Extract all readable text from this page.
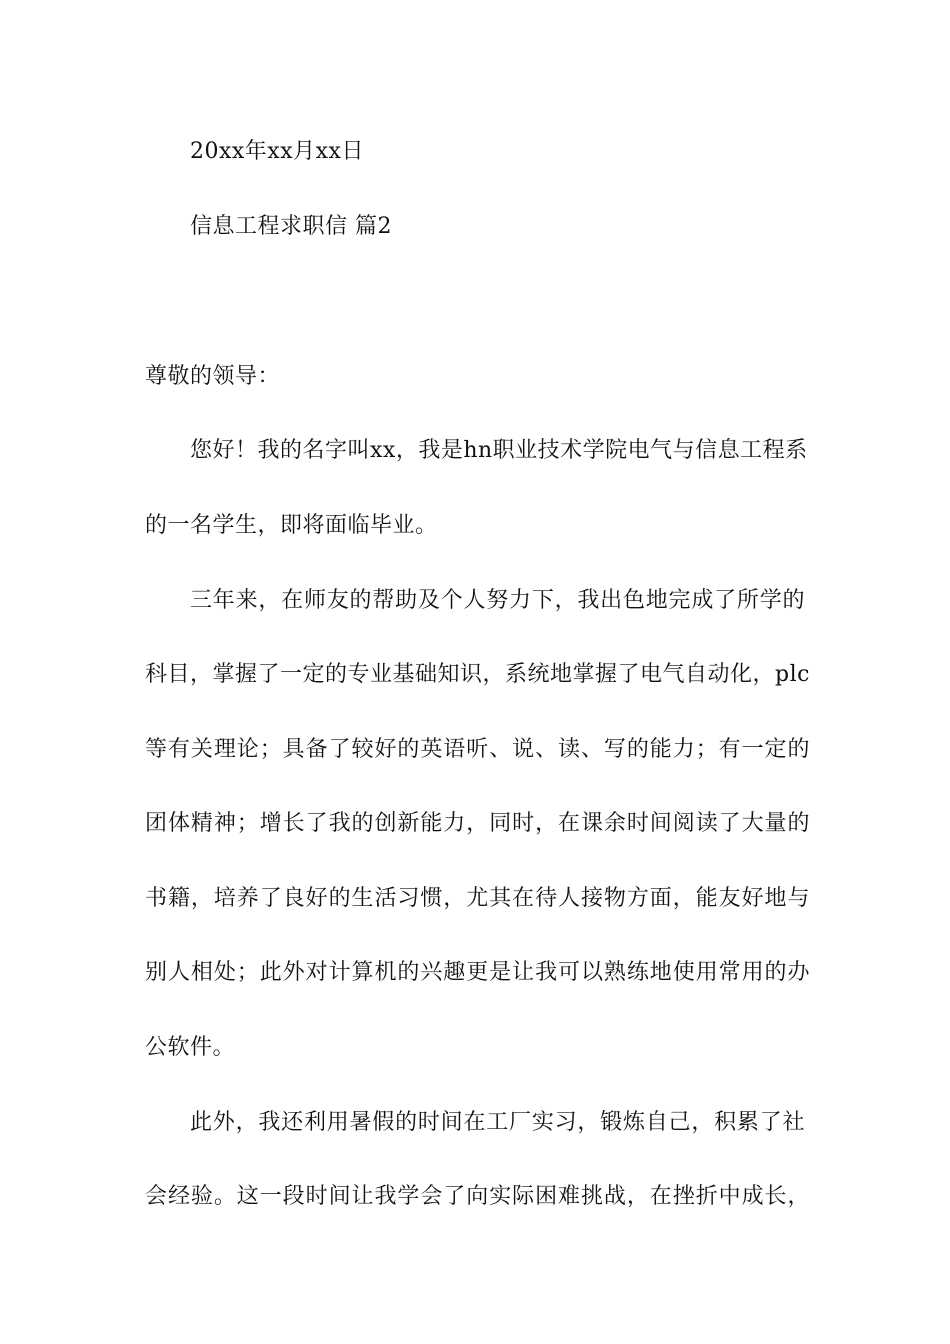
20xx年xx月xx日
信息工程求职信 篇2
尊敬的领导：
您好！我的名字叫xx，我是hn职业技术学院电气与信息工程系
的一名学生，即将面临毕业。
三年来，在师友的帮助及个人努力下，我出色地完成了所学的
科目，掌握了一定的专业基础知识，系统地掌握了电气自动化，plc
等有关理论；具备了较好的英语听、说、读、写的能力；有一定的
团体精神；增长了我的创新能力，同时，在课余时间阅读了大量的
书籍，培养了良好的生活习惯，尤其在待人接物方面，能友好地与
别人相处；此外对计算机的兴趣更是让我可以熟练地使用常用的办
公软件。
此外，我还利用暑假的时间在工厂实习，锻炼自己，积累了社
会经验。这一段时间让我学会了向实际困难挑战，在挫折中成长，
